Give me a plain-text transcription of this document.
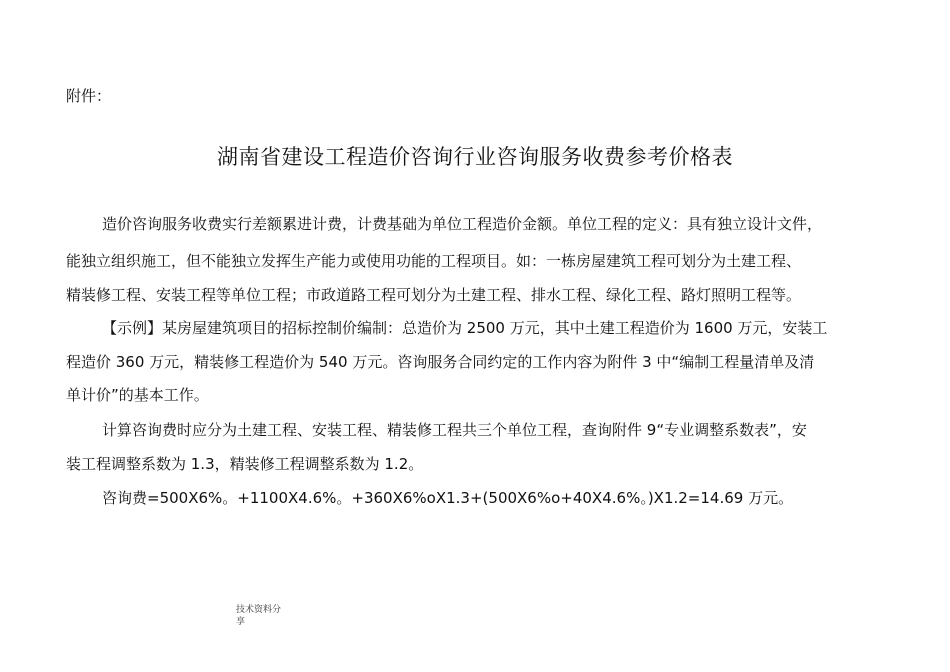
附件：
湖南省建设工程造价咨询行业咨询服务收费参考价格表
造价咨询服务收费实行差额累进计费，计费基础为单位工程造价金额。单位工程的定义：具有独立设计文件，
能独立组织施工，但不能独立发挥生产能力或使用功能的工程项目。如：一栋房屋建筑工程可划分为土建工程、
精装修工程、安装工程等单位工程；市政道路工程可划分为土建工程、排水工程、绿化工程、路灯照明工程等。
【示例】某房屋建筑项目的招标控制价编制：总造价为 2500 万元，其中土建工程造价为 1600 万元，安装工
程造价 360 万元，精装修工程造价为 540 万元。咨询服务合同约定的工作内容为附件 3 中“编制工程量清单及清
单计价”的基本工作。
计算咨询费时应分为土建工程、安装工程、精装修工程共三个单位工程，查询附件 9“专业调整系数表”，安
装工程调整系数为 1.3，精装修工程调整系数为 1.2。
咨询费=500X6%。+1100X4.6%。+360X6%oX1.3+(500X6%o+40X4.6%。)X1.2=14.69 万元。
技术资料分
享
